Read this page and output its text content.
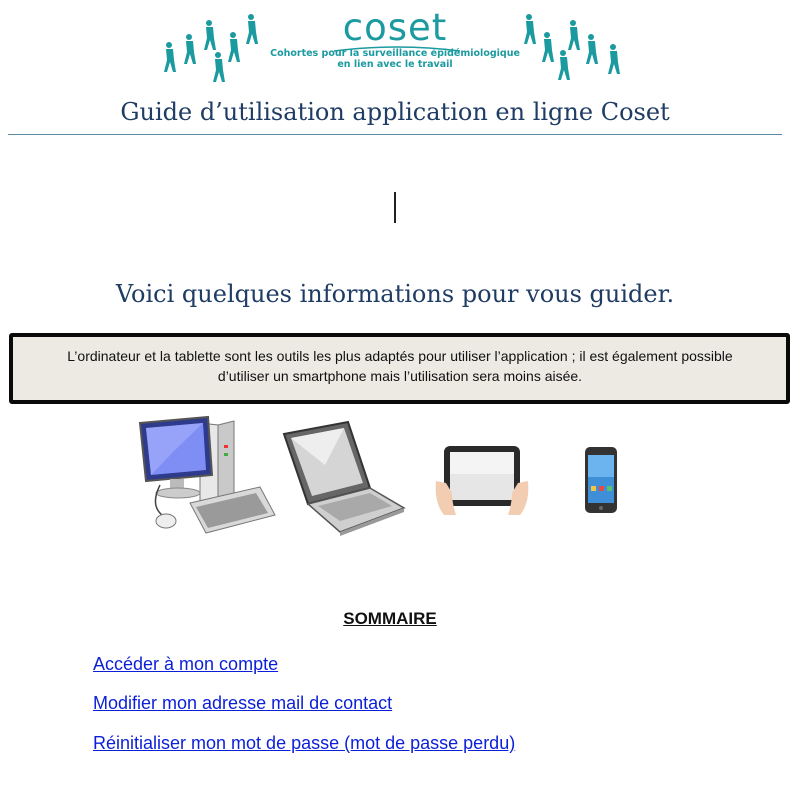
coset
Cohortes pour la surveillance épidémiologique
en lien avec le travail
Guide d’utilisation application en ligne Coset
Voici quelques informations pour vous guider.
L’ordinateur et la tablette sont les outils les plus adaptés pour utiliser l’application ; il est également possible
d’utiliser un smartphone mais l’utilisation sera moins aisée.
SOMMAIRE
Accéder à mon compte
Modifier mon adresse mail de contact
Réinitialiser mon mot de passe (mot de passe perdu)
